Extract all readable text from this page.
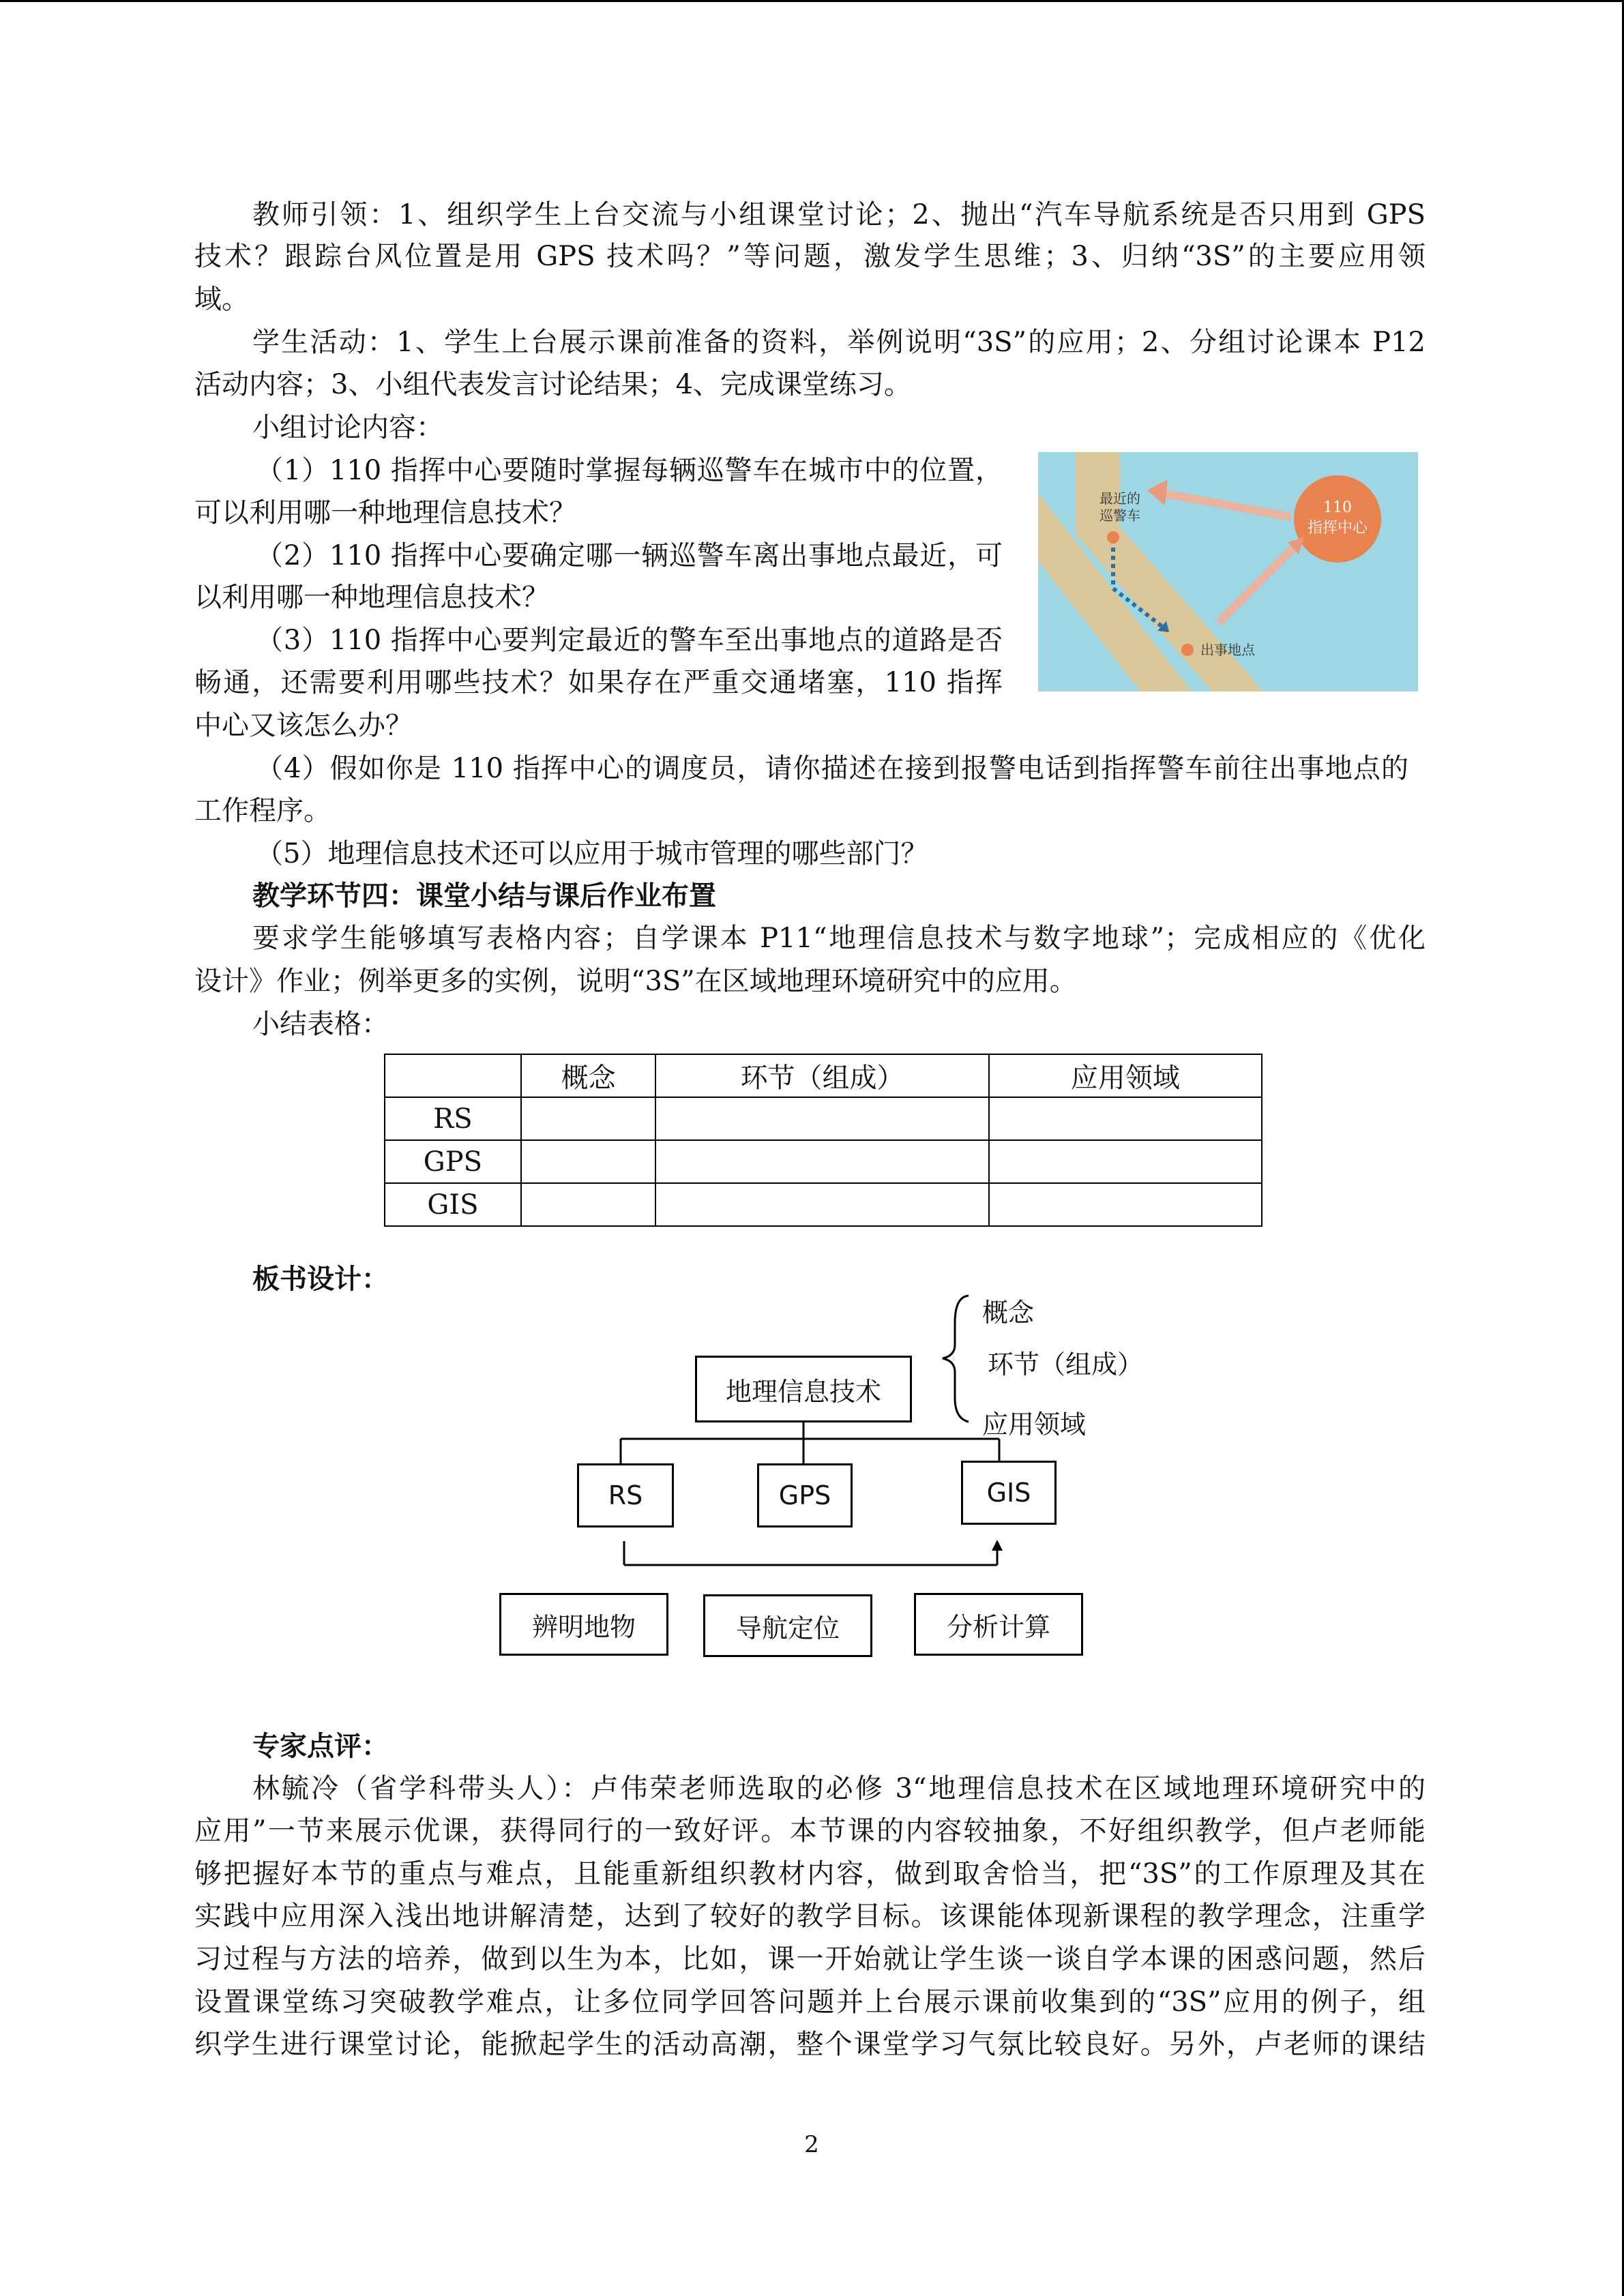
教师引领：1、组织学生上台交流与小组课堂讨论；2、抛出“汽车导航系统是否只用到 GPS
技术？跟踪台风位置是用 GPS 技术吗？”等问题，激发学生思维；3、归纳“3S”的主要应用领
域。
学生活动：1、学生上台展示课前准备的资料，举例说明“3S”的应用；2、分组讨论课本 P12
活动内容；3、小组代表发言讨论结果；4、完成课堂练习。
小组讨论内容：
（1）110 指挥中心要随时掌握每辆巡警车在城市中的位置，
可以利用哪一种地理信息技术？
（2）110 指挥中心要确定哪一辆巡警车离出事地点最近，可
以利用哪一种地理信息技术？
（3）110 指挥中心要判定最近的警车至出事地点的道路是否
畅通，还需要利用哪些技术？如果存在严重交通堵塞，110 指挥
中心又该怎么办？
（4）假如你是 110 指挥中心的调度员，请你描述在接到报警电话到指挥警车前往出事地点的
工作程序。
（5）地理信息技术还可以应用于城市管理的哪些部门？
教学环节四：课堂小结与课后作业布置
要求学生能够填写表格内容；自学课本 P11“地理信息技术与数字地球”；完成相应的《优化
设计》作业；例举更多的实例，说明“3S”在区域地理环境研究中的应用。
小结表格：
最近的
巡警车	110
指挥中心
出事地点
	概念	环节（组成）	应用领域
RS			
GPS			
GIS			
板书设计：
地理信息技术
概念
环节（组成）
应用领域
RS	GPS	GIS
辨明地物	导航定位	分析计算
专家点评：
林毓冷（省学科带头人）：卢伟荣老师选取的必修 3“地理信息技术在区域地理环境研究中的
应用”一节来展示优课，获得同行的一致好评。本节课的内容较抽象，不好组织教学，但卢老师能
够把握好本节的重点与难点，且能重新组织教材内容，做到取舍恰当，把“3S”的工作原理及其在
实践中应用深入浅出地讲解清楚，达到了较好的教学目标。该课能体现新课程的教学理念，注重学
习过程与方法的培养，做到以生为本，比如，课一开始就让学生谈一谈自学本课的困惑问题，然后
设置课堂练习突破教学难点，让多位同学回答问题并上台展示课前收集到的“3S”应用的例子，组
织学生进行课堂讨论，能掀起学生的活动高潮，整个课堂学习气氛比较良好。另外，卢老师的课结
2
